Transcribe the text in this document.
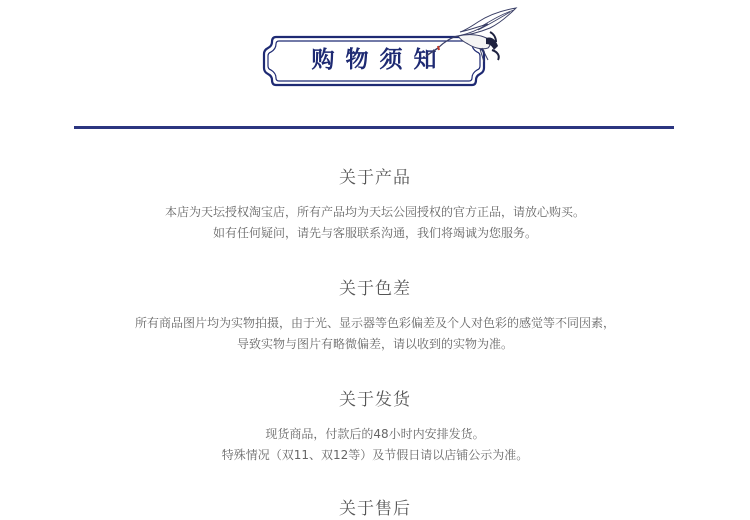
购物须知
关于产品

本店为天坛授权淘宝店，所有产品均为天坛公园授权的官方正品，请放心购买。

如有任何疑问，请先与客服联系沟通，我们将竭诚为您服务。

关于色差

所有商品图片均为实物拍摄，由于光、显示器等色彩偏差及个人对色彩的感觉等不同因素，

导致实物与图片有略微偏差，请以收到的实物为准。

关于发货

现货商品，付款后的48小时内安排发货。

特殊情况（双11、双12等）及节假日请以店铺公示为准。

关于售后
